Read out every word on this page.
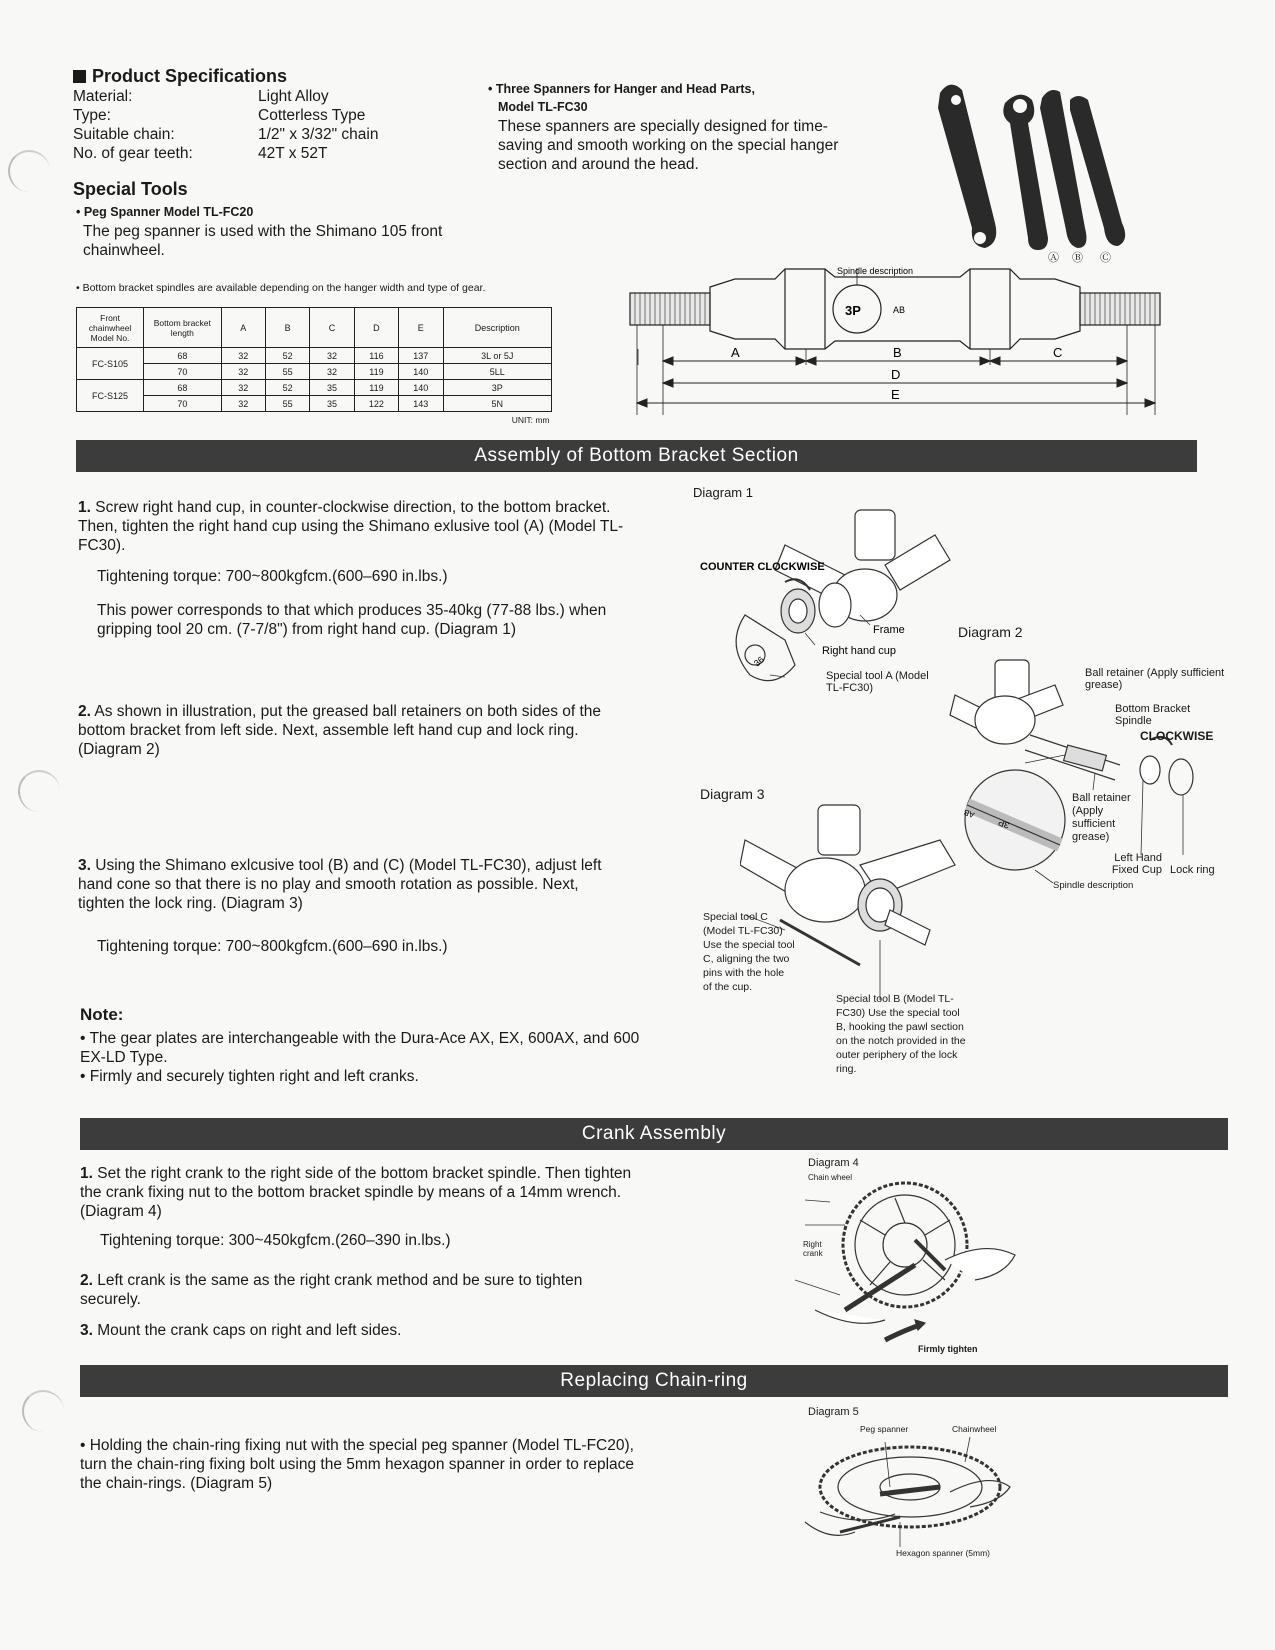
Product Specifications
Material:	Light Alloy
Type:	Cotterless Type
Suitable chain:	1/2" x 3/32" chain
No. of gear teeth:	42T x 52T
Special Tools
• Peg Spanner Model TL-FC20
The peg spanner is used with the Shimano 105 front chainwheel.
• Three Spanners for Hanger and Head Parts,
Model TL-FC30
These spanners are specially designed for time-saving and smooth working on the special hanger section and around the head.
Ⓐ Ⓑ Ⓒ
• Bottom bracket spindles are available depending on the hanger width and type of gear.
Front chainwheel Model No.	Bottom bracket length	A	B	C	D	E	Description
FC-S105	68	32	52	32	116	137	3L or 5J
	70	32	55	32	119	140	5LL
FC-S125	68	32	52	35	119	140	3P
	70	32	55	35	122	143	5N
UNIT: mm							
Spindle description
3P	AB
A	B	C
D
E
Assembly of Bottom Bracket Section
1. Screw right hand cup, in counter-clockwise direction, to the bottom bracket. Then, tighten the right hand cup using the Shimano exlusive tool (A) (Model TL-FC30).
Tightening torque: 700~800kgfcm.(600–690 in.lbs.)
This power corresponds to that which produces 35-40kg (77-88 lbs.) when gripping tool 20 cm. (7-7/8") from right hand cup. (Diagram 1)
2. As shown in illustration, put the greased ball retainers on both sides of the bottom bracket from left side. Next, assemble left hand cup and lock ring. (Diagram 2)
3. Using the Shimano exlcusive tool (B) and (C) (Model TL-FC30), adjust left hand cone so that there is no play and smooth rotation as possible. Next, tighten the lock ring. (Diagram 3)
Tightening torque: 700~800kgfcm.(600–690 in.lbs.)
Note:
• The gear plates are interchangeable with the Dura-Ace AX, EX, 600AX, and 600 EX-LD Type.
• Firmly and securely tighten right and left cranks.
Diagram 1
COUNTER CLOCKWISE
36
Frame
Right hand cup
Special tool A (Model TL-FC30)
Diagram 2
3P
AB
Ball retainer (Apply sufficient grease)
Bottom Bracket Spindle
CLOCKWISE
Ball retainer (Apply sufficient grease)
Left Hand Fixed Cup Lock ring
Spindle description
Diagram 3
Special tool C (Model TL-FC30) Use the special tool C, aligning the two pins with the hole of the cup.
Special tool B (Model TL-FC30) Use the special tool B, hooking the pawl section on the notch provided in the outer periphery of the lock ring.
Crank Assembly
1. Set the right crank to the right side of the bottom bracket spindle. Then tighten the crank fixing nut to the bottom bracket spindle by means of a 14mm wrench. (Diagram 4)
Tightening torque: 300~450kgfcm.(260–390 in.lbs.)
2. Left crank is the same as the right crank method and be sure to tighten securely.
3. Mount the crank caps on right and left sides.
Diagram 4
Chain wheel
Right crank
Firmly tighten
Replacing Chain-ring
• Holding the chain-ring fixing nut with the special peg spanner (Model TL-FC20), turn the chain-ring fixing bolt using the 5mm hexagon spanner in order to replace the chain-rings. (Diagram 5)
Diagram 5
Peg spanner	Chainwheel
Hexagon spanner (5mm)
